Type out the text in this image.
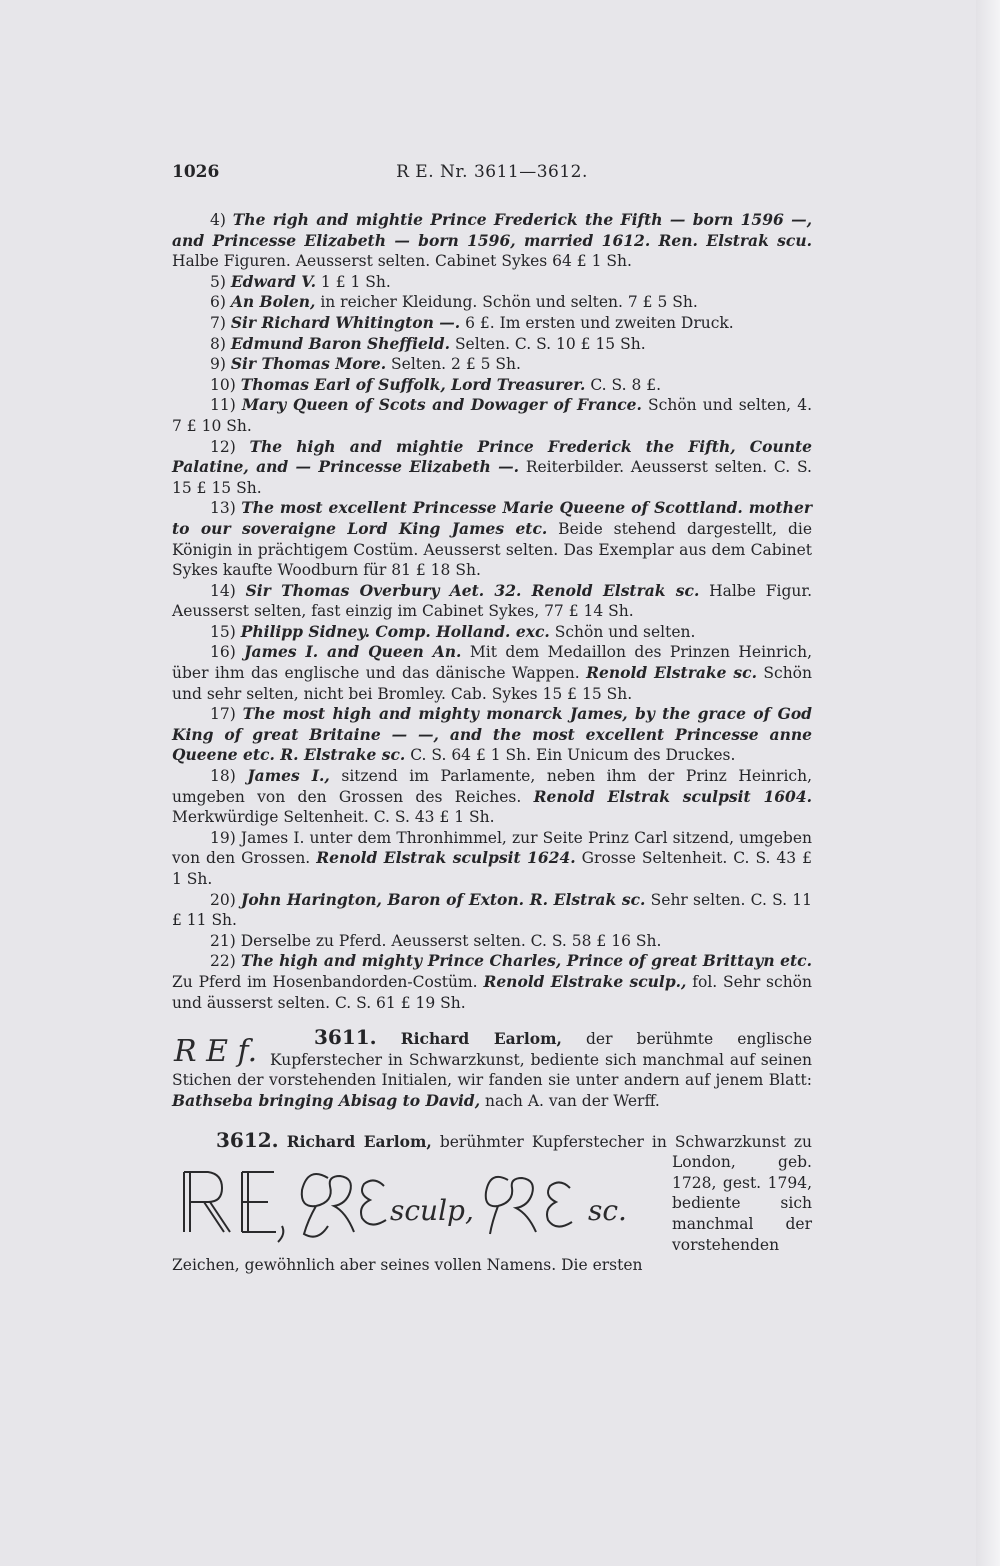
R E. Nr. 3611—3612.
1026

4) The righ and mightie Prince Frederick the Fifth — born 1596 —, and Princesse Elizabeth — born 1596, married 1612. Ren. Elstrak scu. Halbe Figuren. Aeusserst selten. Cabinet Sykes 64 £ 1 Sh.

5) Edward V. 1 £ 1 Sh.

6) An Bolen, in reicher Kleidung. Schön und selten. 7 £ 5 Sh.

7) Sir Richard Whitington —. 6 £. Im ersten und zweiten Druck.

8) Edmund Baron Sheffield. Selten. C. S. 10 £ 15 Sh.

9) Sir Thomas More. Selten. 2 £ 5 Sh.

10) Thomas Earl of Suffolk, Lord Treasurer. C. S. 8 £.

11) Mary Queen of Scots and Dowager of France. Schön und selten, 4. 7 £ 10 Sh.

12) The high and mightie Prince Frederick the Fifth, Counte Palatine, and — Princesse Elizabeth —. Reiterbilder. Aeusserst selten. C. S. 15 £ 15 Sh.

13) The most excellent Princesse Marie Queene of Scottland. mother to our soveraigne Lord King James etc. Beide stehend dargestellt, die Königin in prächtigem Costüm. Aeusserst selten. Das Exemplar aus dem Cabinet Sykes kaufte Woodburn für 81 £ 18 Sh.

14) Sir Thomas Overbury Aet. 32. Renold Elstrak sc. Halbe Figur. Aeusserst selten, fast einzig im Cabinet Sykes, 77 £ 14 Sh.

15) Philipp Sidney. Comp. Holland. exc. Schön und selten.

16) James I. and Queen An. Mit dem Medaillon des Prinzen Heinrich, über ihm das englische und das dänische Wappen. Renold Elstrake sc. Schön und sehr selten, nicht bei Bromley. Cab. Sykes 15 £ 15 Sh.

17) The most high and mighty monarck James, by the grace of God King of great Britaine — —, and the most excellent Princesse anne Queene etc. R. Elstrake sc. C. S. 64 £ 1 Sh. Ein Unicum des Druckes.

18) James I., sitzend im Parlamente, neben ihm der Prinz Heinrich, umgeben von den Grossen des Reiches. Renold Elstrak sculpsit 1604. Merkwürdige Seltenheit. C. S. 43 £ 1 Sh.

19) James I. unter dem Thronhimmel, zur Seite Prinz Carl sitzend, umgeben von den Grossen. Renold Elstrak sculpsit 1624. Grosse Seltenheit. C. S. 43 £ 1 Sh.

20) John Harington, Baron of Exton. R. Elstrak sc. Sehr selten. C. S. 11 £ 11 Sh.

21) Derselbe zu Pferd. Aeusserst selten. C. S. 58 £ 16 Sh.

22) The high and mighty Prince Charles, Prince of great Brittayn etc. Zu Pferd im Hosenbandorden-Costüm. Renold Elstrake sculp., fol. Sehr schön und äusserst selten. C. S. 61 £ 19 Sh.

3611. Richard Earlom,
R E f.	der berühmte englische Kupferstecher in Schwarzkunst, bediente sich manchmal auf seinen Stichen der vorstehenden Initialen, wir fanden sie unter andern auf jenem Blatt: Bathseba bringing Abisag to David, nach A. van der Werff.

3612. Richard Earlom,
sculp,	sc.
berühmter Kupferstecher in Schwarzkunst zu London, geb. 1728, gest. 1794, bediente sich manchmal der vorstehenden Zeichen, gewöhnlich aber seines vollen Namens. Die ersten
